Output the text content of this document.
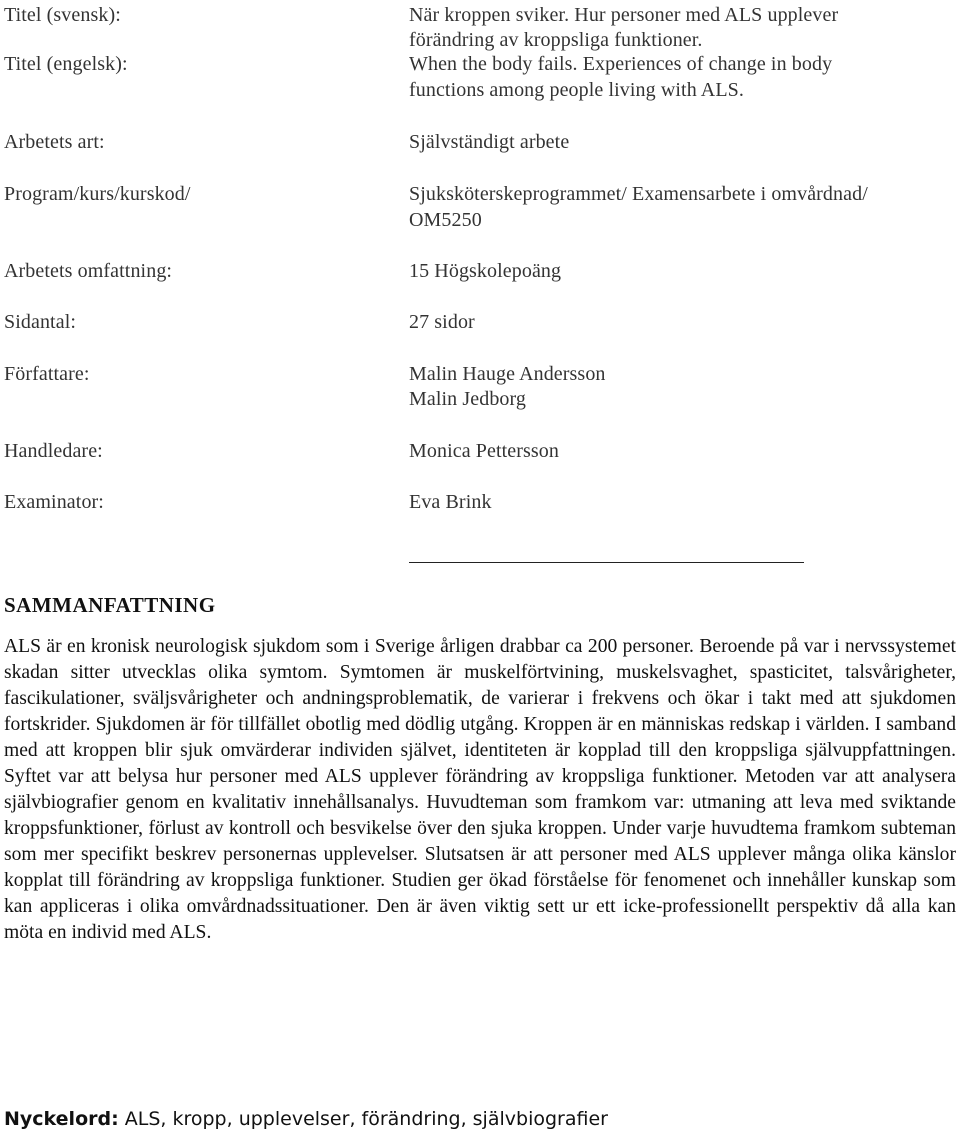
Titel (svensk):	När kroppen sviker. Hur personer med ALS upplever
förändring av kroppsliga funktioner.
Titel (engelsk):	When the body fails. Experiences of change in body
functions among people living with ALS.
Arbetets art:	Självständigt arbete
Program/kurs/kurskod/	Sjuksköterskeprogrammet/ Examensarbete i omvårdnad/
OM5250
Arbetets omfattning:	15 Högskolepoäng
Sidantal:	27 sidor
Författare:	Malin Hauge Andersson
Malin Jedborg
Handledare:	Monica Pettersson
Examinator:	Eva Brink
SAMMANFATTNING

ALS är en kronisk neurologisk sjukdom som i Sverige årligen drabbar ca 200 personer. Beroende på var i nervssystemet skadan sitter utvecklas olika symtom. Symtomen är muskelförtvining, muskelsvaghet, spasticitet, talsvårigheter, fascikulationer, sväljsvårigheter och andningsproblematik, de varierar i frekvens och ökar i takt med att sjukdomen fortskrider. Sjukdomen är för tillfället obotlig med dödlig utgång. Kroppen är en människas redskap i världen. I samband med att kroppen blir sjuk omvärderar individen självet, identiteten är kopplad till den kroppsliga självuppfattningen. Syftet var att belysa hur personer med ALS upplever förändring av kroppsliga funktioner. Metoden var att analysera självbiografier genom en kvalitativ innehållsanalys. Huvudteman som framkom var: utmaning att leva med sviktande kroppsfunktioner, förlust av kontroll och besvikelse över den sjuka kroppen. Under varje huvudtema framkom subteman som mer specifikt beskrev personernas upplevelser. Slutsatsen är att personer med ALS upplever många olika känslor kopplat till förändring av kroppsliga funktioner. Studien ger ökad förståelse för fenomenet och innehåller kunskap som kan appliceras i olika omvårdnadssituationer. Den är även viktig sett ur ett icke-professionellt perspektiv då alla kan möta en individ med ALS.

Nyckelord: ALS, kropp, upplevelser, förändring, självbiografier
